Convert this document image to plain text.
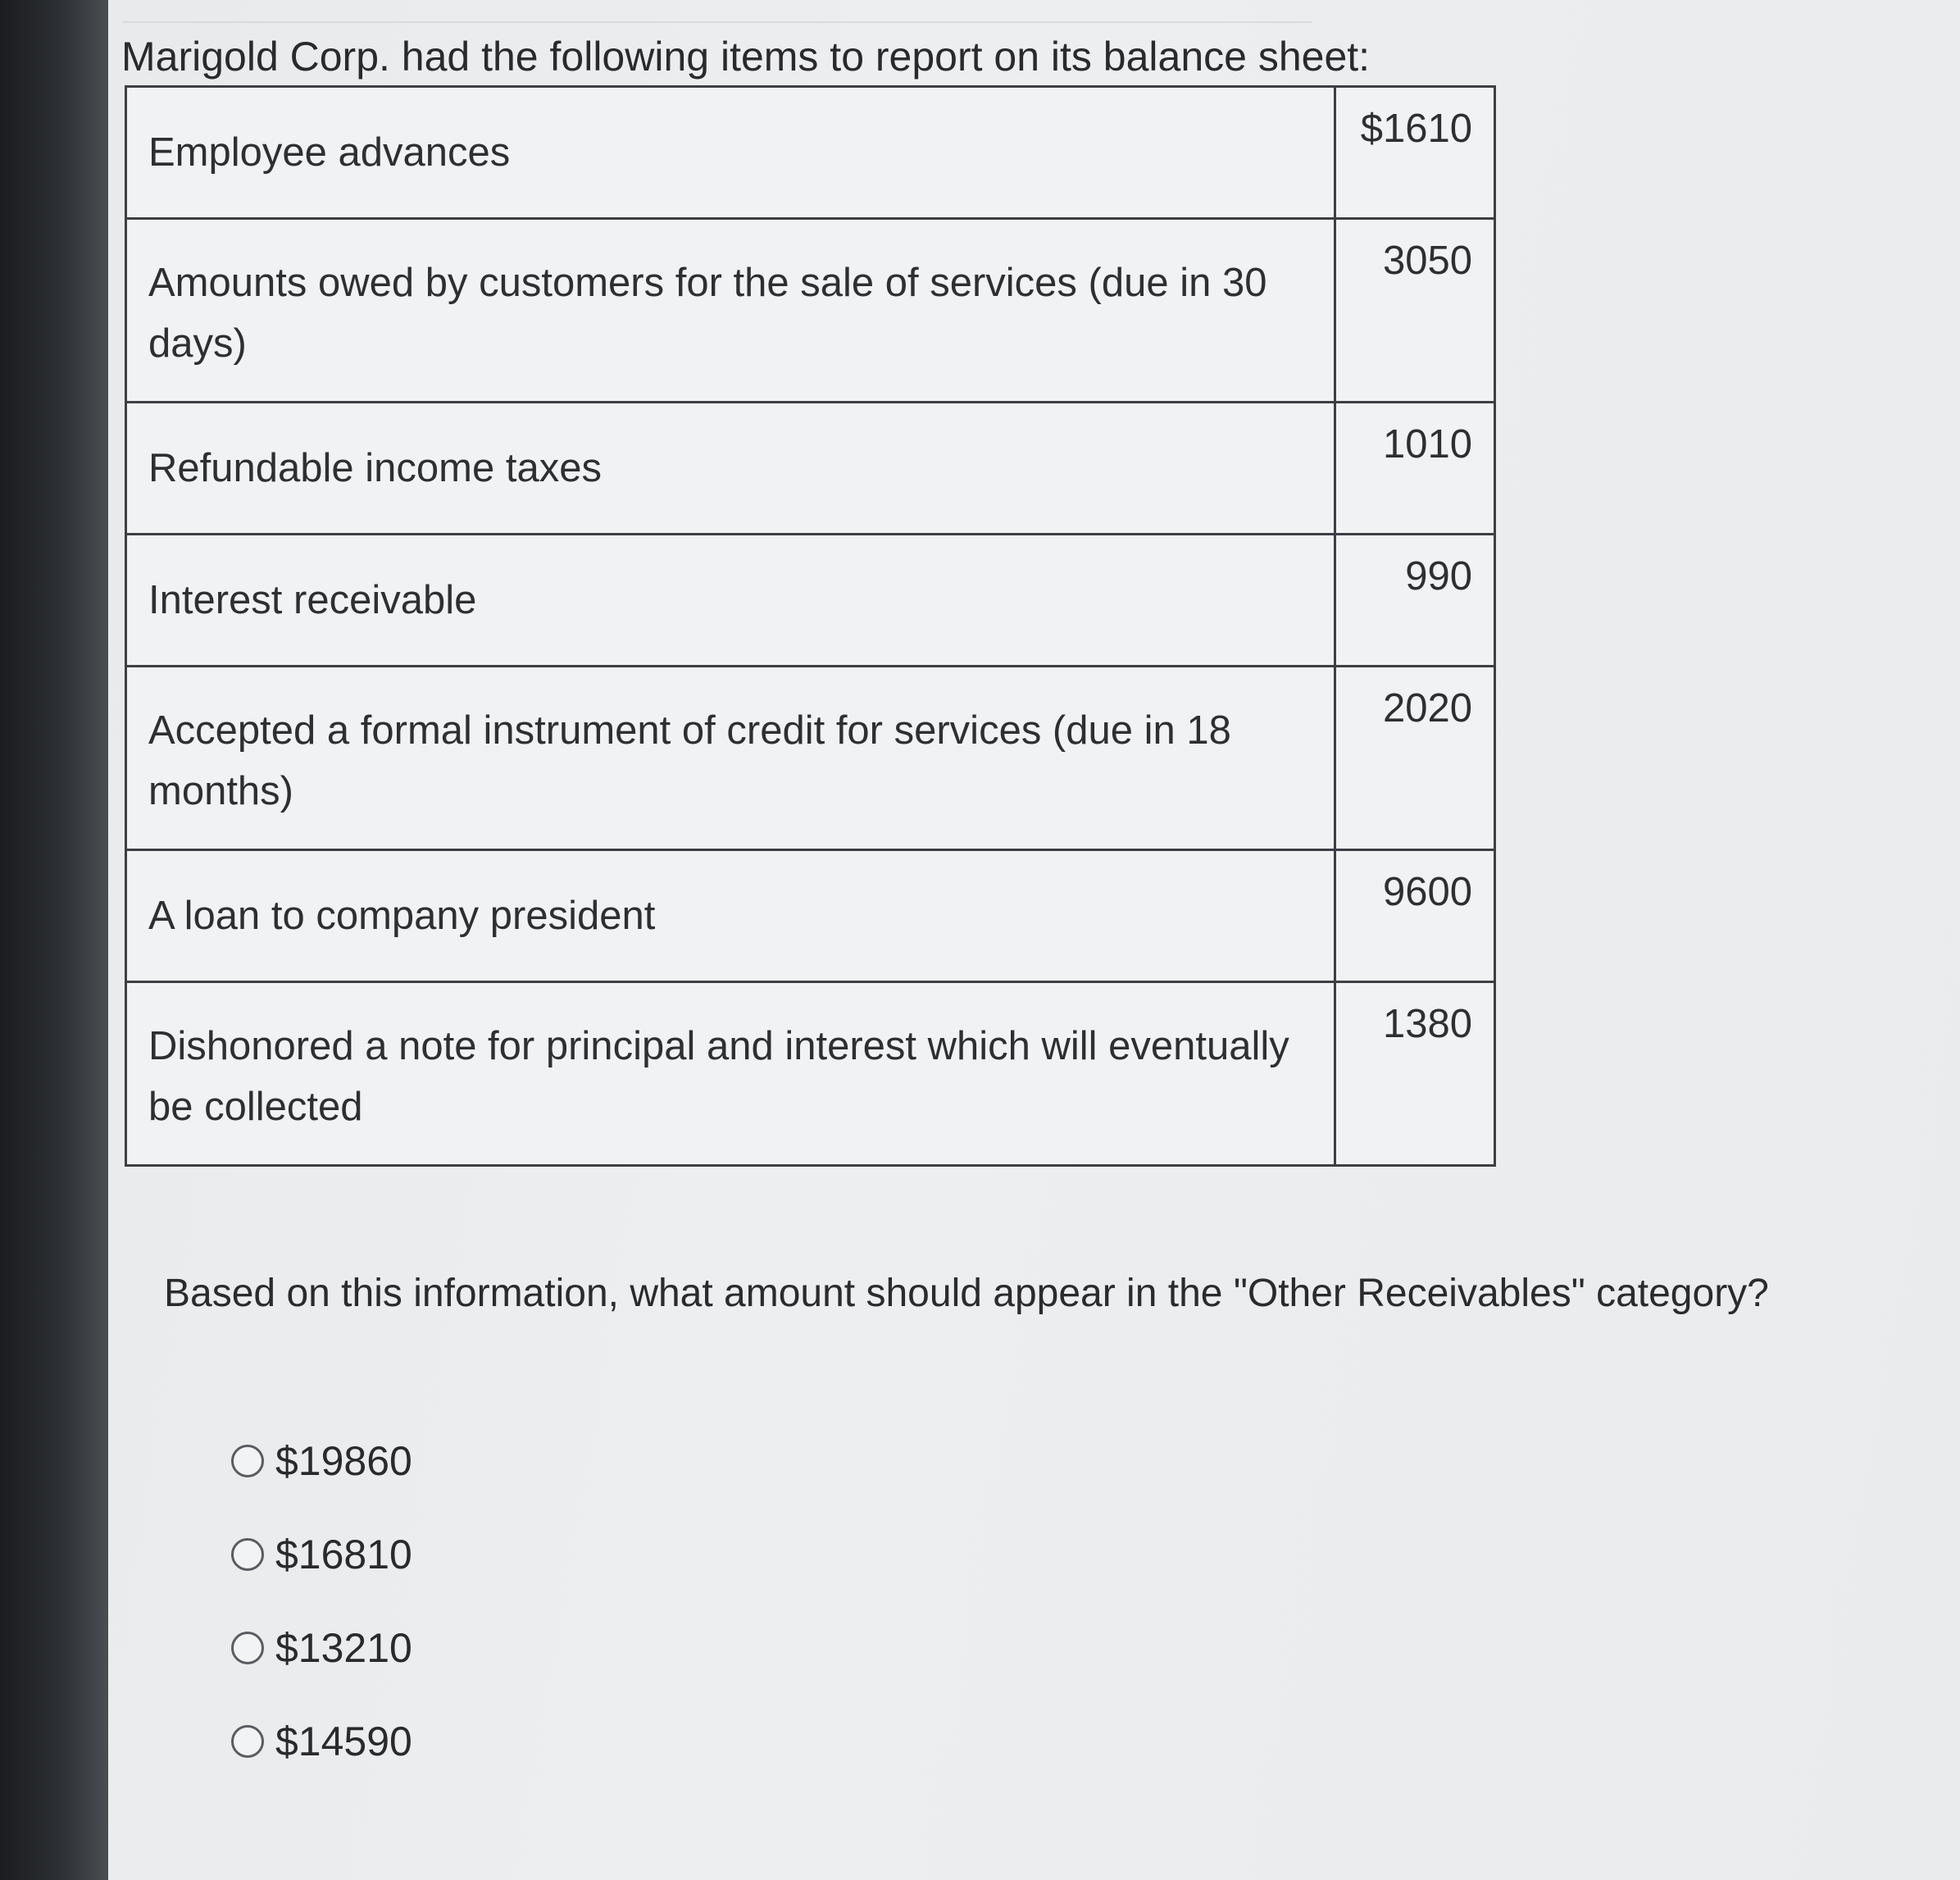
Marigold Corp. had the following items to report on its balance sheet:
Employee advances	$1610
Amounts owed by customers for the sale of services (due in 30 days)	3050
Refundable income taxes	1010
Interest receivable	990
Accepted a formal instrument of credit for services (due in 18 months)	2020
A loan to company president	9600
Dishonored a note for principal and interest which will eventually be collected	1380
Based on this information, what amount should appear in the "Other Receivables" category?
$19860
$16810
$13210
$14590
